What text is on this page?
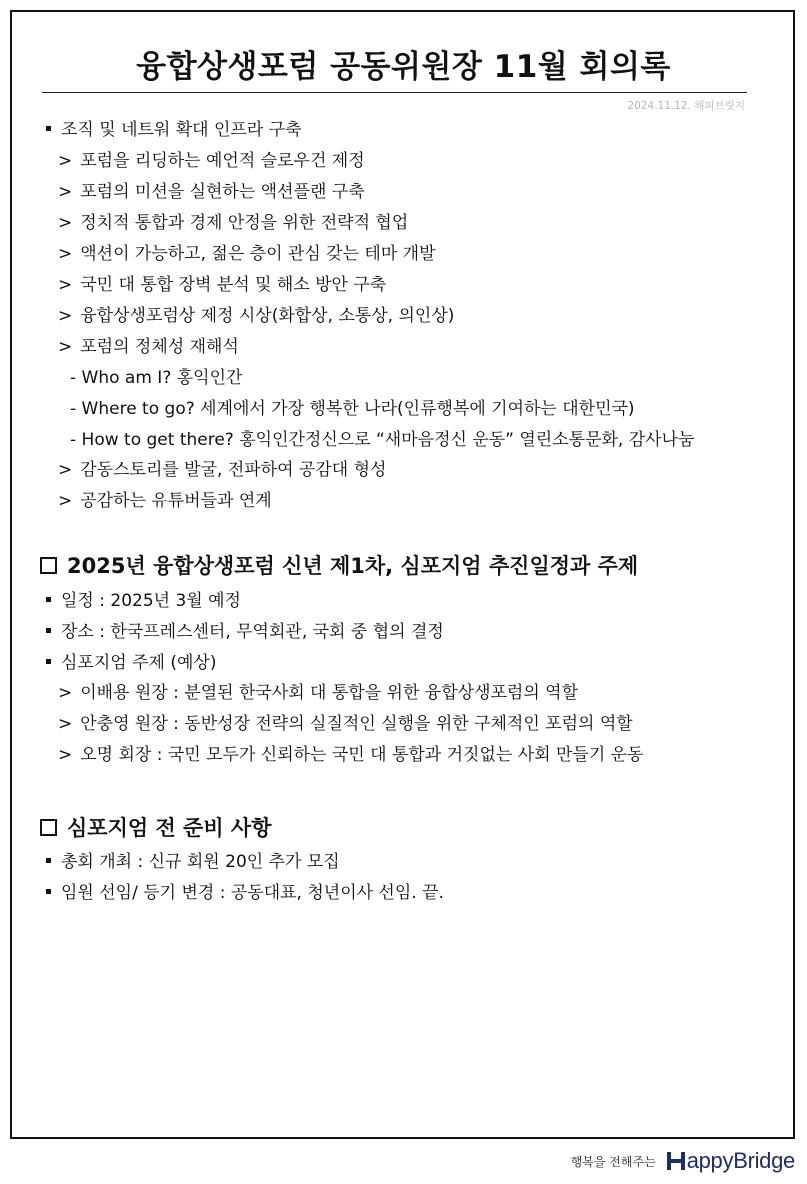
융합상생포럼 공동위원장 11월 회의록
2024.11.12. 해피브릿지
조직 및 네트워 확대 인프라 구축
> 포럼을 리딩하는 예언적 슬로우건 제정
> 포럼의 미션을 실현하는 액션플랜 구축
> 정치적 통합과 경제 안정을 위한 전략적 협업
> 액션이 가능하고, 젊은 층이 관심 갖는 테마 개발
> 국민 대 통합 장벽 분석 및 해소 방안 구축
> 융합상생포럼상 제정 시상(화합상, 소통상, 의인상)
> 포럼의 정체성 재해석
- Who am I? 홍익인간
- Where to go? 세계에서 가장 행복한 나라(인류행복에 기여하는 대한민국)
- How to get there? 홍익인간정신으로 “새마음정신 운동” 열린소통문화, 감사나눔
> 감동스토리를 발굴, 전파하여 공감대 형성
> 공감하는 유튜버들과 연계
2025년 융합상생포럼 신년 제1차, 심포지엄 추진일정과 주제
일정 : 2025년 3월 예정
장소 : 한국프레스센터, 무역회관, 국회 중 협의 결정
심포지엄 주제 (예상)
> 이배용 원장 : 분열된 한국사회 대 통합을 위한 융합상생포럼의 역할
> 안충영 원장 : 동반성장 전략의 실질적인 실행을 위한 구체적인 포럼의 역할
> 오명 회장 : 국민 모두가 신뢰하는 국민 대 통합과 거짓없는 사회 만들기 운동
심포지엄 전 준비 사항
총회 개최 : 신규 회원 20인 추가 모집
임원 선임/ 등기 변경 : 공동대표, 청년이사 선임. 끝.
행복을 전해주는 appyBridge
